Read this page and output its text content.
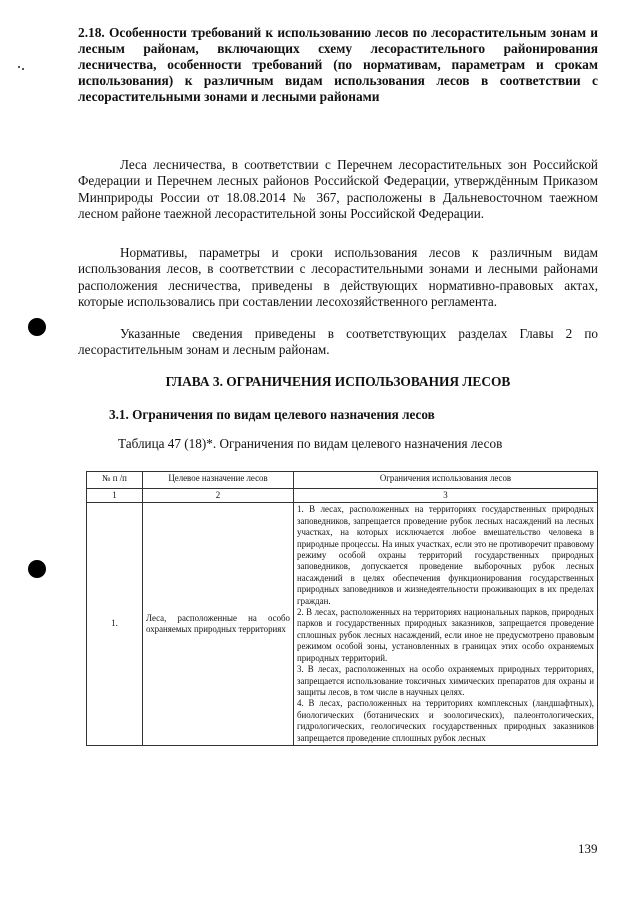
2.18. Особенности требований к использованию лесов по лесорастительным зонам и лесным районам, включающих схему лесорастительного районирования лесничества, особенности требований (по нормативам, параметрам и срокам использования) к различным видам использования лесов в соответствии с лесорастительными зонами и лесными районами

Леса лесничества, в соответствии с Перечнем лесорастительных зон Российской Федерации и Перечнем лесных районов Российской Федерации, утверждённым Приказом Минприроды России от 18.08.2014 № 367, расположены в Дальневосточном таежном лесном районе таежной лесорастительной зоны Российской Федерации.

Нормативы, параметры и сроки использования лесов к различным видам использования лесов, в соответствии с лесорастительными зонами и лесными районами расположения лесничества, приведены в действующих нормативно-правовых актах, которые использовались при составлении лесохозяйственного регламента.

Указанные сведения приведены в соответствующих разделах Главы 2 по лесорастительным зонам и лесным районам.

ГЛАВА 3. ОГРАНИЧЕНИЯ ИСПОЛЬЗОВАНИЯ ЛЕСОВ
3.1. Ограничения по видам целевого назначения лесов
Таблица 47 (18)*. Ограничения по видам целевого назначения лесов
№ п /п	Целевое назначение лесов	Ограничения использования лесов
1	2	3
1.	Леса, расположенные на особо охраняемых природных территориях	1. В лесах, расположенных на территориях государственных природных заповедников, запрещается проведение рубок лесных насаждений на лесных участках, на которых исключается любое вмешательство человека в природные процессы. На иных участках, если это не противоречит правовому режиму особой охраны территорий государственных природных заповедников, допускается проведение выборочных рубок лесных насаждений в целях обеспечения функционирования государственных природных заповедников и жизнедеятельности проживающих в их пределах граждан.
2. В лесах, расположенных на территориях национальных парков, природных парков и государственных природных заказников, запрещается проведение сплошных рубок лесных насаждений, если иное не предусмотрено правовым режимом особой зоны, установленных в границах этих особо охраняемых природных территорий.
3. В лесах, расположенных на особо охраняемых природных территориях, запрещается использование токсичных химических препаратов для охраны и защиты лесов, в том числе в научных целях.
4. В лесах, расположенных на территориях комплексных (ландшафтных), биологических (ботанических и зоологических), палеонтологических, гидрологических, геологических государственных природных заказников запрещается проведение сплошных рубок лесных
139
